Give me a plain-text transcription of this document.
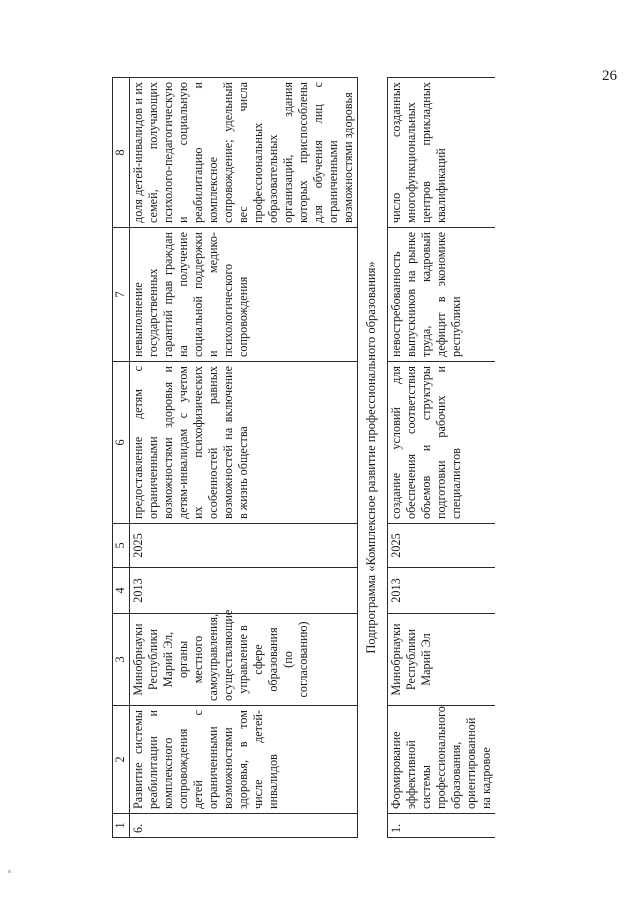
26
1	2	3	4	5	6	7	8
6.	Развитие системы реабилитации и комплексного сопровождения детей с ограниченными возможностями здоровья, в том числе детей-инвалидов	Минобрнауки Республики Марий Эл, органы местного самоуправления, осуществляющие управление в сфере образования (по согласованию)	2013	2025	предоставление детям с ограниченными возможностями здоровья и детям-инвалидам с учетом их психофизических особенностей равных возможностей на включение в жизнь общества	невыполнение государственных гарантий прав граждан на получение социальной поддержки и медико-психологического сопровождения	доля детей-инвалидов и их семей, получающих психолого-педагогическую и социальную реабилитацию и комплексное сопровождение; удельный вес числа профессиональных образовательных организаций, здания которых приспособлены для обучения лиц с ограниченными возможностями здоровья
Подпрограмма «Комплексное развитие профессионального образования»							
1.	Формирование эффективной системы профессионального образования, ориентированной на кадровое	Минобрнауки Республики Марий Эл	2013	2025	создание условий для обеспечения соответствия объемов и структуры подготовки рабочих и специалистов	невостребованность выпускников на рынке труда, кадровый дефицит в экономике республики	число созданных многофункциональных центров прикладных квалификаций
